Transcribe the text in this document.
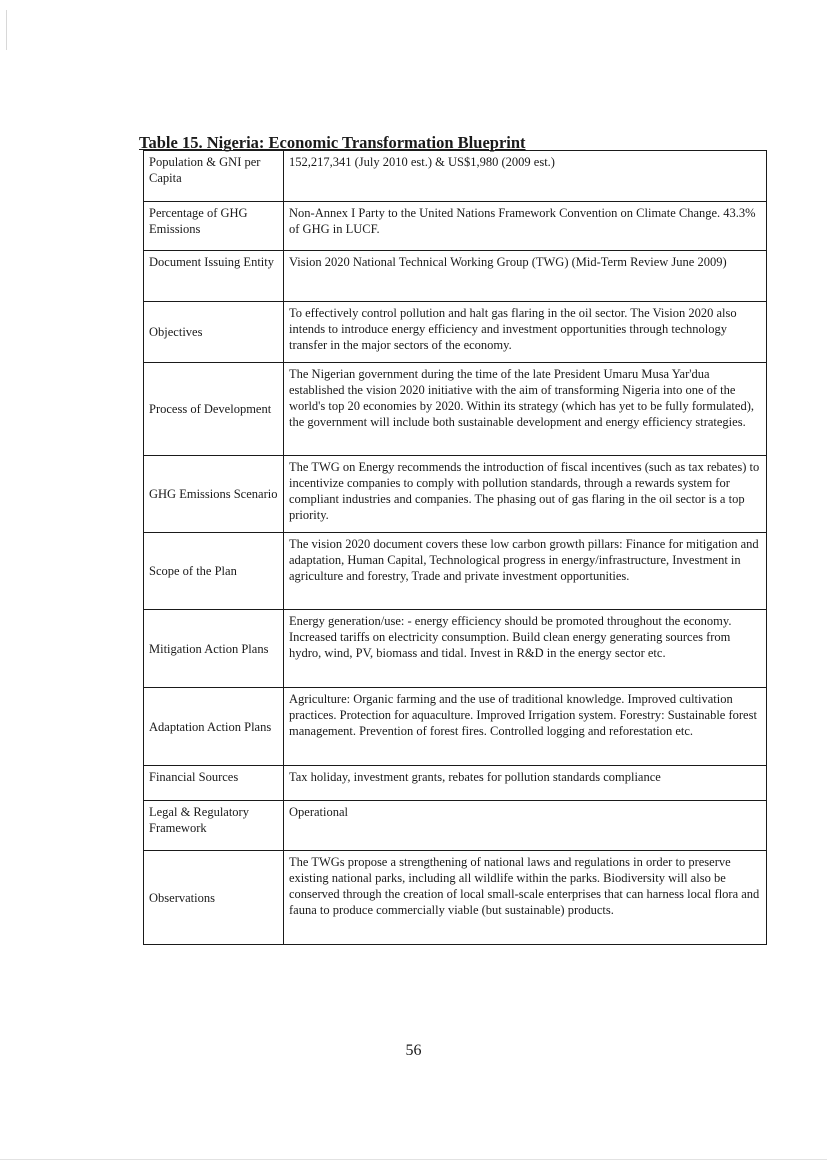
Table 15. Nigeria: Economic Transformation Blueprint
Population & GNI per Capita	152,217,341 (July 2010 est.) & US$1,980 (2009 est.)
Percentage of GHG Emissions	Non-Annex I Party to the United Nations Framework Convention on Climate Change. 43.3% of GHG in LUCF.
Document Issuing Entity	Vision 2020 National Technical Working Group (TWG) (Mid-Term Review June 2009)
Objectives	To effectively control pollution and halt gas flaring in the oil sector. The Vision 2020 also intends to introduce energy efficiency and investment opportunities through technology transfer in the major sectors of the economy.
Process of Development	The Nigerian government during the time of the late President Umaru Musa Yar'dua established the vision 2020 initiative with the aim of transforming Nigeria into one of the world's top 20 economies by 2020. Within its strategy (which has yet to be fully formulated), the government will include both sustainable development and energy efficiency strategies.
GHG Emissions Scenario	The TWG on Energy recommends the introduction of fiscal incentives (such as tax rebates) to incentivize companies to comply with pollution standards, through a rewards system for compliant industries and companies. The phasing out of gas flaring in the oil sector is a top priority.
Scope of the Plan	The vision 2020 document covers these low carbon growth pillars: Finance for mitigation and adaptation, Human Capital, Technological progress in energy/infrastructure, Investment in agriculture and forestry, Trade and private investment opportunities.
Mitigation Action Plans	Energy generation/use: - energy efficiency should be promoted throughout the economy. Increased tariffs on electricity consumption. Build clean energy generating sources from hydro, wind, PV, biomass and tidal. Invest in R&D in the energy sector etc.
Adaptation Action Plans	Agriculture: Organic farming and the use of traditional knowledge. Improved cultivation practices. Protection for aquaculture. Improved Irrigation system. Forestry: Sustainable forest management. Prevention of forest fires. Controlled logging and reforestation etc.
Financial Sources	Tax holiday, investment grants, rebates for pollution standards compliance
Legal & Regulatory Framework	Operational
Observations	The TWGs propose a strengthening of national laws and regulations in order to preserve existing national parks, including all wildlife within the parks. Biodiversity will also be conserved through the creation of local small-scale enterprises that can harness local flora and fauna to produce commercially viable (but sustainable) products.
56
